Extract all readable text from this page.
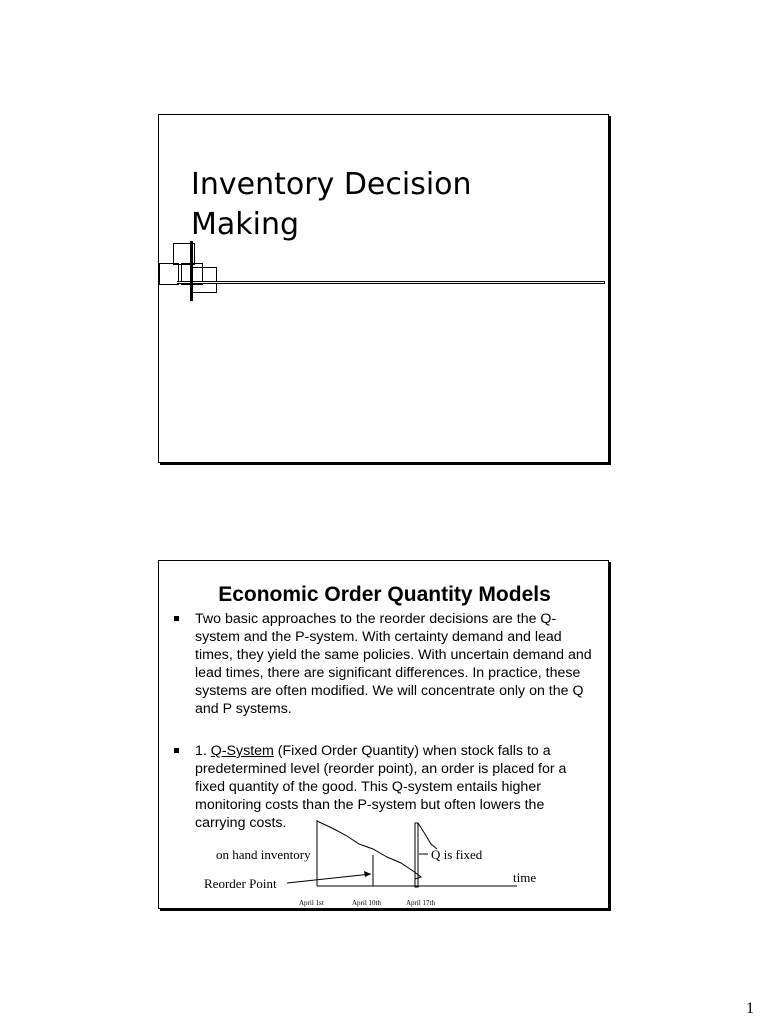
Inventory Decision
Making
Economic Order Quantity Models

Two basic approaches to the reorder decisions are the Q-system and the P-system. With certainty demand and lead times, they yield the same policies. With uncertain demand and lead times, there are significant differences. In practice, these systems are often modified. We will concentrate only on the Q and P systems.

1. Q-System (Fixed Order Quantity) when stock falls to a predetermined level (reorder point), an order is placed for a fixed quantity of the good. This Q-system entails higher monitoring costs than the P-system but often lowers the carrying costs.

on hand inventory
Reorder Point
Q is fixed
time
April 1st	April 10th	April 17th
1
